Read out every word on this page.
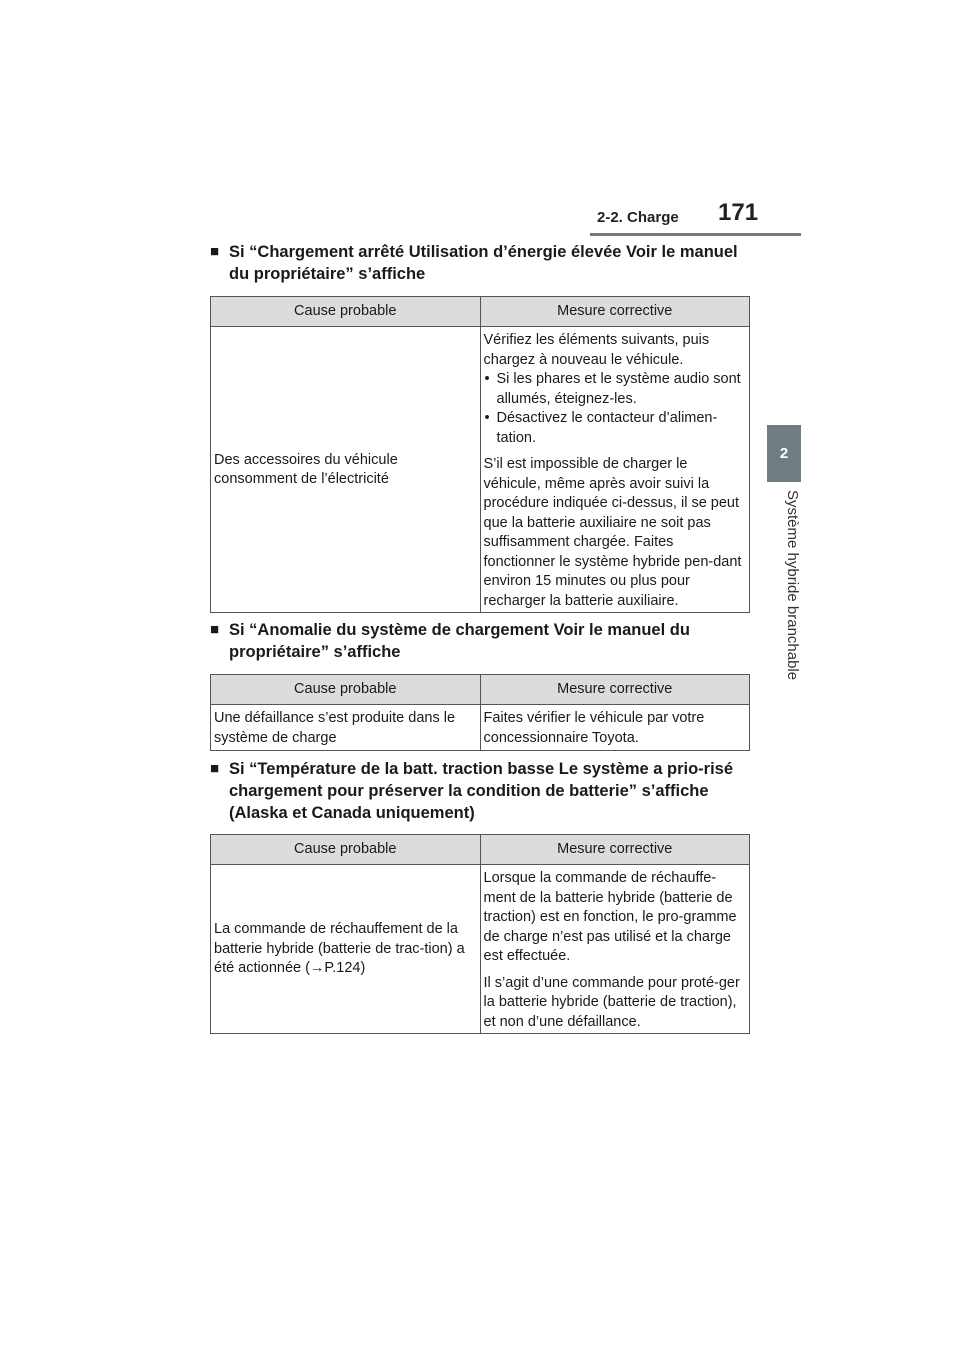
2-2. Charge 171
2
Système hybride branchable
■ Si “Chargement arrêté Utilisation d’énergie élevée Voir le manuel du propriétaire” s’affiche
Cause probable	Mesure corrective

Des accessoires du véhicule consomment de l’électricité

Vérifiez les éléments suivants, puis chargez à nouveau le véhicule.

• Si les phares et le système audio sont allumés, éteignez-les.
• Désactivez le contacteur d’alimen-tation.

S’il est impossible de charger le véhicule, même après avoir suivi la procédure indiquée ci-dessus, il se peut que la batterie auxiliaire ne soit pas suffisamment chargée. Faites fonctionner le système hybride pen-dant environ 15 minutes ou plus pour recharger la batterie auxiliaire.

■ Si “Anomalie du système de chargement Voir le manuel du propriétaire” s’affiche
Cause probable	Mesure corrective

Une défaillance s’est produite dans le système de charge

Faites vérifier le véhicule par votre concessionnaire Toyota.

■ Si “Température de la batt. traction basse Le système a prio-risé chargement pour préserver la condition de batterie” s’affiche (Alaska et Canada uniquement)
Cause probable	Mesure corrective

La commande de réchauffement de la batterie hybride (batterie de trac-tion) a été actionnée (→P.124)

Lorsque la commande de réchauffe-ment de la batterie hybride (batterie de traction) est en fonction, le pro-gramme de charge n’est pas utilisé et la charge est effectuée.

Il s’agit d’une commande pour proté-ger la batterie hybride (batterie de traction), et non d’une défaillance.
